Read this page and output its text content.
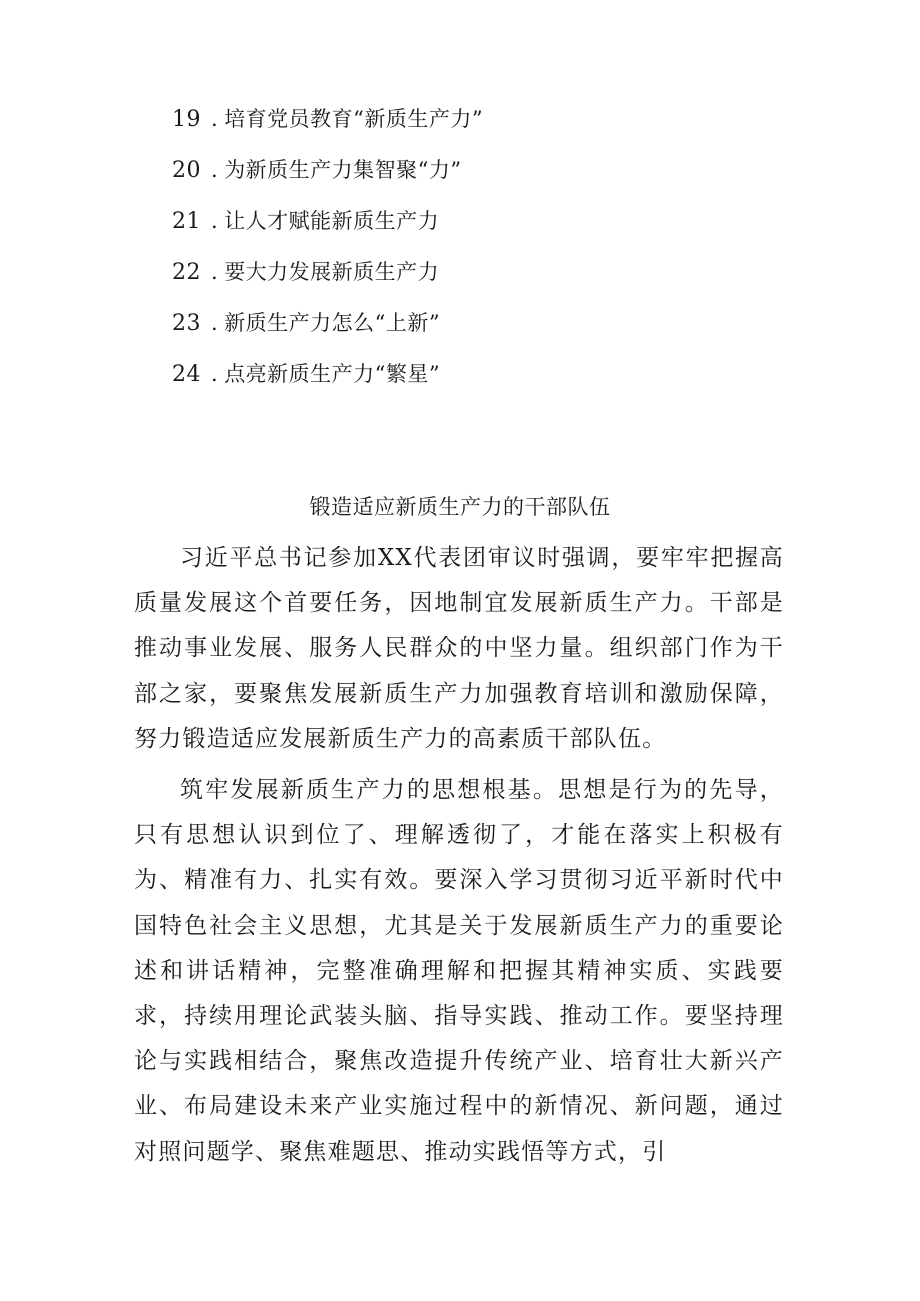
19 . 培育党员教育“新质生产力”
20 . 为新质生产力集智聚“力”
21 . 让人才赋能新质生产力
22 . 要大力发展新质生产力
23 . 新质生产力怎么“上新”
24 . 点亮新质生产力“繁星”
锻造适应新质生产力的干部队伍

习近平总书记参加XX代表团审议时强调，要牢牢把握高质量发展这个首要任务，因地制宜发展新质生产力。干部是推动事业发展、服务人民群众的中坚力量。组织部门作为干部之家，要聚焦发展新质生产力加强教育培训和激励保障，努力锻造适应发展新质生产力的高素质干部队伍。

筑牢发展新质生产力的思想根基。思想是行为的先导，只有思想认识到位了、理解透彻了，才能在落实上积极有为、精准有力、扎实有效。要深入学习贯彻习近平新时代中国特色社会主义思想，尤其是关于发展新质生产力的重要论述和讲话精神，完整准确理解和把握其精神实质、实践要求，持续用理论武装头脑、指导实践、推动工作。要坚持理论与实践相结合，聚焦改造提升传统产业、培育壮大新兴产业、布局建设未来产业实施过程中的新情况、新问题，通过对照问题学、聚焦难题思、推动实践悟等方式，引
